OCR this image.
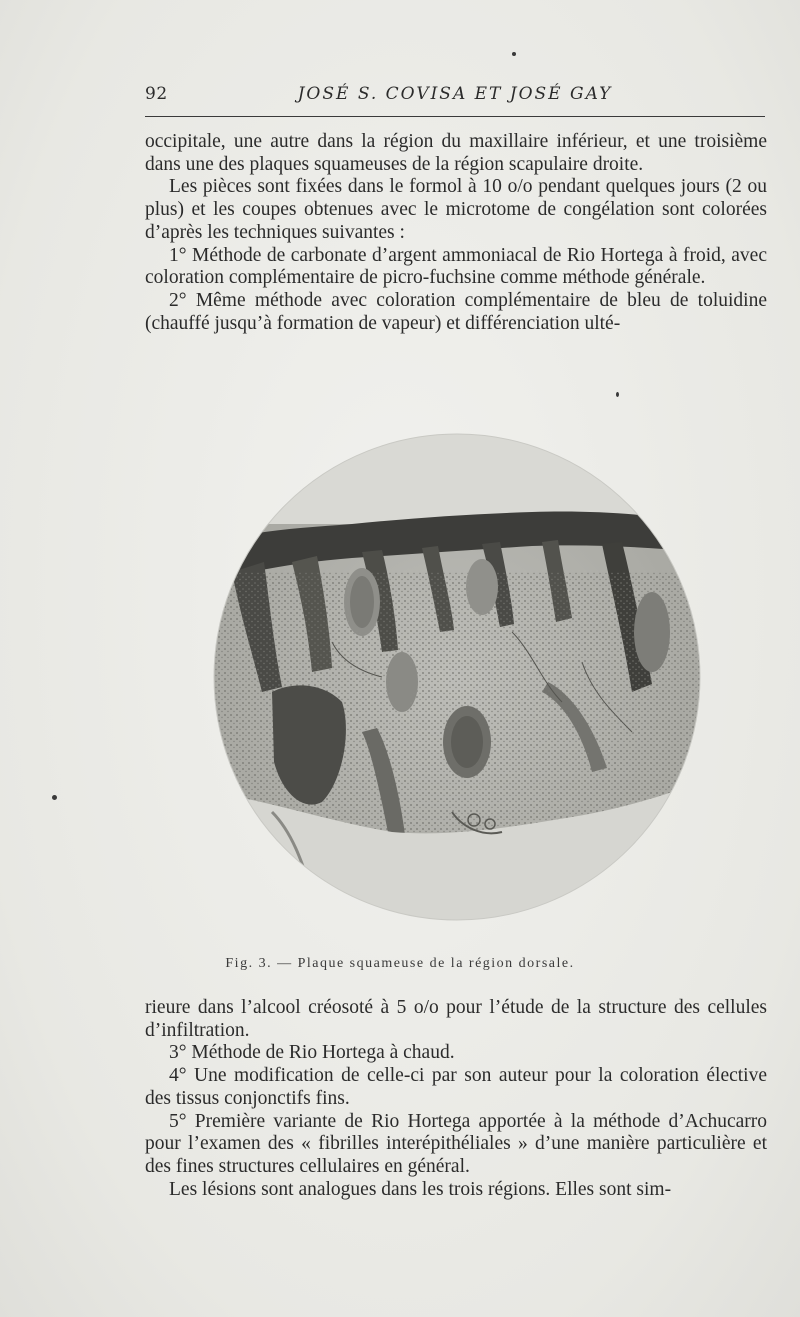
92	JOSÉ S. COVISA ET JOSÉ GAY

occipitale, une autre dans la région du maxillaire inférieur, et une troisième dans une des plaques squameuses de la région scapulaire droite.

Les pièces sont fixées dans le formol à 10 o/o pendant quelques jours (2 ou plus) et les coupes obtenues avec le microtome de congélation sont colorées d’après les techniques suivantes :

1° Méthode de carbonate d’argent ammoniacal de Rio Hortega à froid, avec coloration complémentaire de picro-fuchsine comme méthode générale.

2° Même méthode avec coloration complémentaire de bleu de toluidine (chauffé jusqu’à formation de vapeur) et différenciation ulté-

Fig. 3. — Plaque squameuse de la région dorsale.

rieure dans l’alcool créosoté à 5 o/o pour l’étude de la structure des cellules d’infiltration.

3° Méthode de Rio Hortega à chaud.

4° Une modification de celle-ci par son auteur pour la coloration élective des tissus conjonctifs fins.

5° Première variante de Rio Hortega apportée à la méthode d’Achucarro pour l’examen des « fibrilles interépithéliales » d’une manière particulière et des fines structures cellulaires en général.

Les lésions sont analogues dans les trois régions. Elles sont sim-
